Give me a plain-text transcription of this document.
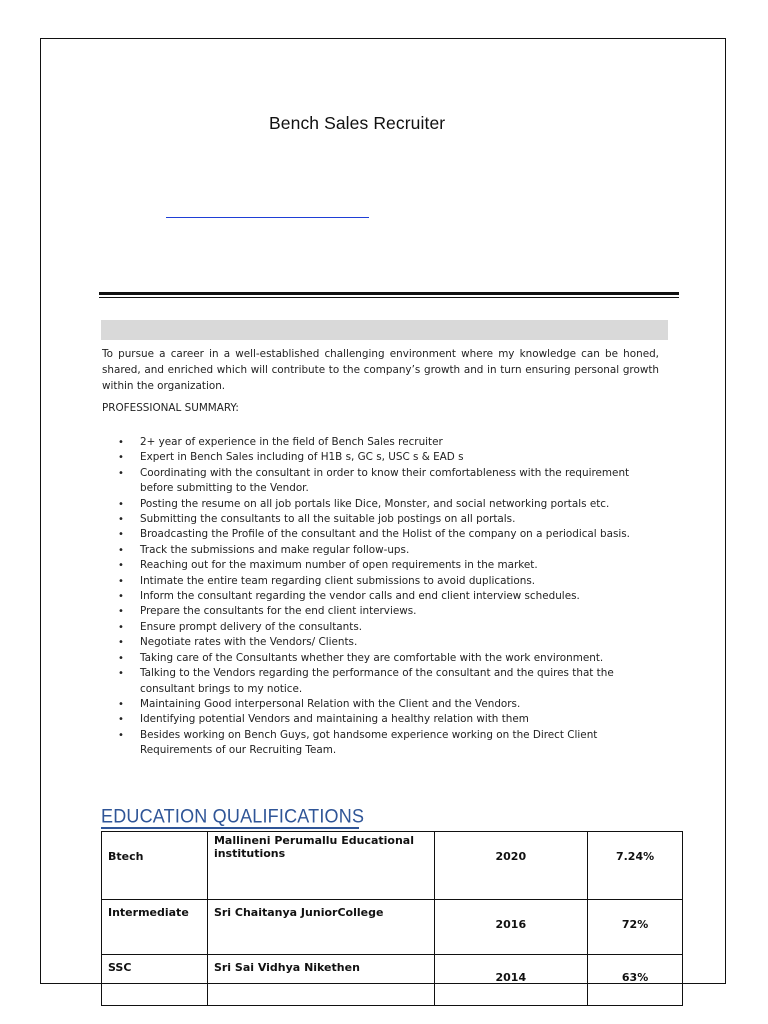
Bench Sales Recruiter

To pursue a career in a well-established challenging environment where my knowledge can be honed, shared, and enriched which will contribute to the company’s growth and in turn ensuring personal growth within the organization.

PROFESSIONAL SUMMARY:
• 2+ year of experience in the field of Bench Sales recruiter
• Expert in Bench Sales including of H1B s, GC s, USC s & EAD s
• Coordinating with the consultant in order to know their comfortableness with the requirement before submitting to the Vendor.
• Posting the resume on all job portals like Dice, Monster, and social networking portals etc.
• Submitting the consultants to all the suitable job postings on all portals.
• Broadcasting the Profile of the consultant and the Holist of the company on a periodical basis.
• Track the submissions and make regular follow-ups.
• Reaching out for the maximum number of open requirements in the market.
• Intimate the entire team regarding client submissions to avoid duplications.
• Inform the consultant regarding the vendor calls and end client interview schedules.
• Prepare the consultants for the end client interviews.
• Ensure prompt delivery of the consultants.
• Negotiate rates with the Vendors/ Clients.
• Taking care of the Consultants whether they are comfortable with the work environment.
• Talking to the Vendors regarding the performance of the consultant and the quires that the consultant brings to my notice.
• Maintaining Good interpersonal Relation with the Client and the Vendors.
• Identifying potential Vendors and maintaining a healthy relation with them
• Besides working on Bench Guys, got handsome experience working on the Direct Client Requirements of our Recruiting Team.
EDUCATION QUALIFICATIONS
Btech	Mallineni Perumallu Educational institutions	2020	7.24%
Intermediate	Sri Chaitanya JuniorCollege	2016	72%
SSC	Sri Sai Vidhya Nikethen	2014	63%
